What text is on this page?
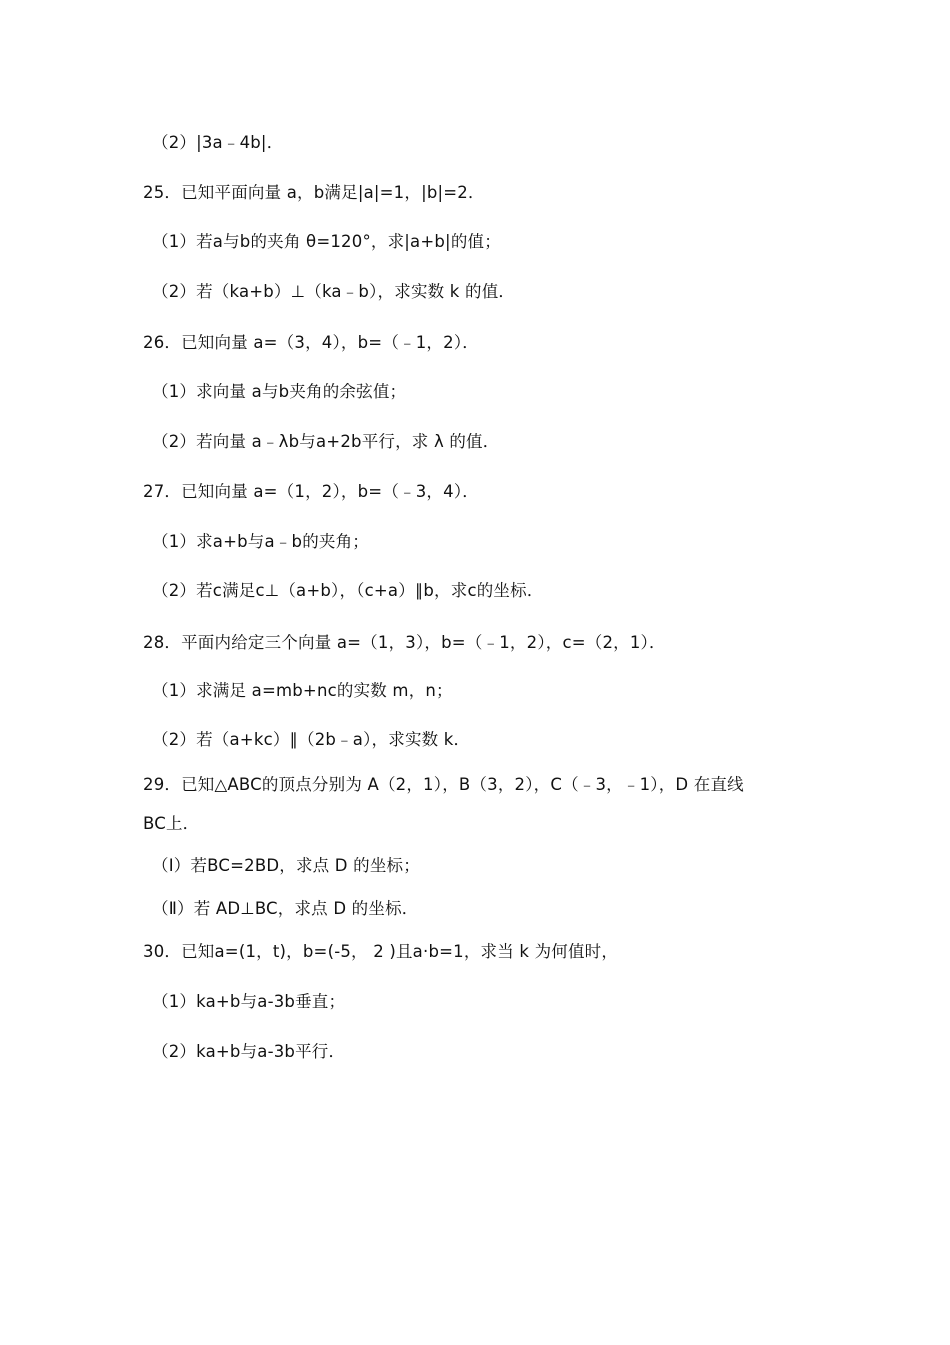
（2）|3a﹣4b|．
25．已知平面向量 a，b满足|a|=1，|b|=2．
（1）若a与b的夹角 θ=120°，求|a+b|的值；
（2）若（ka+b）⊥（ka﹣b），求实数 k 的值．
26．已知向量 a=（3，4），b=（﹣1，2）．
（1）求向量 a与b夹角的余弦值；
（2）若向量 a﹣λb与a+2b平行，求 λ 的值．
27．已知向量 a=（1，2），b=（﹣3，4）．
（1）求a+b与a﹣b的夹角；
（2）若c满足c⊥（a+b），（c+a）∥b，求c的坐标．
28．平面内给定三个向量 a=（1，3），b=（﹣1，2），c=（2，1）．
（1）求满足 a=mb+nc的实数 m，n；
（2）若（a+kc）∥（2b﹣a），求实数 k．
29．已知△ABC的顶点分别为 A（2，1），B（3，2），C（﹣3，﹣1），D 在直线
BC上．
（Ⅰ）若BC=2BD，求点 D 的坐标；
（Ⅱ）若 AD⊥BC，求点 D 的坐标．
30．已知a=(1，t)，b=(-5， 2 )且a·b=1，求当 k 为何值时，
（1）ka+b与a-3b垂直；
（2）ka+b与a-3b平行．
